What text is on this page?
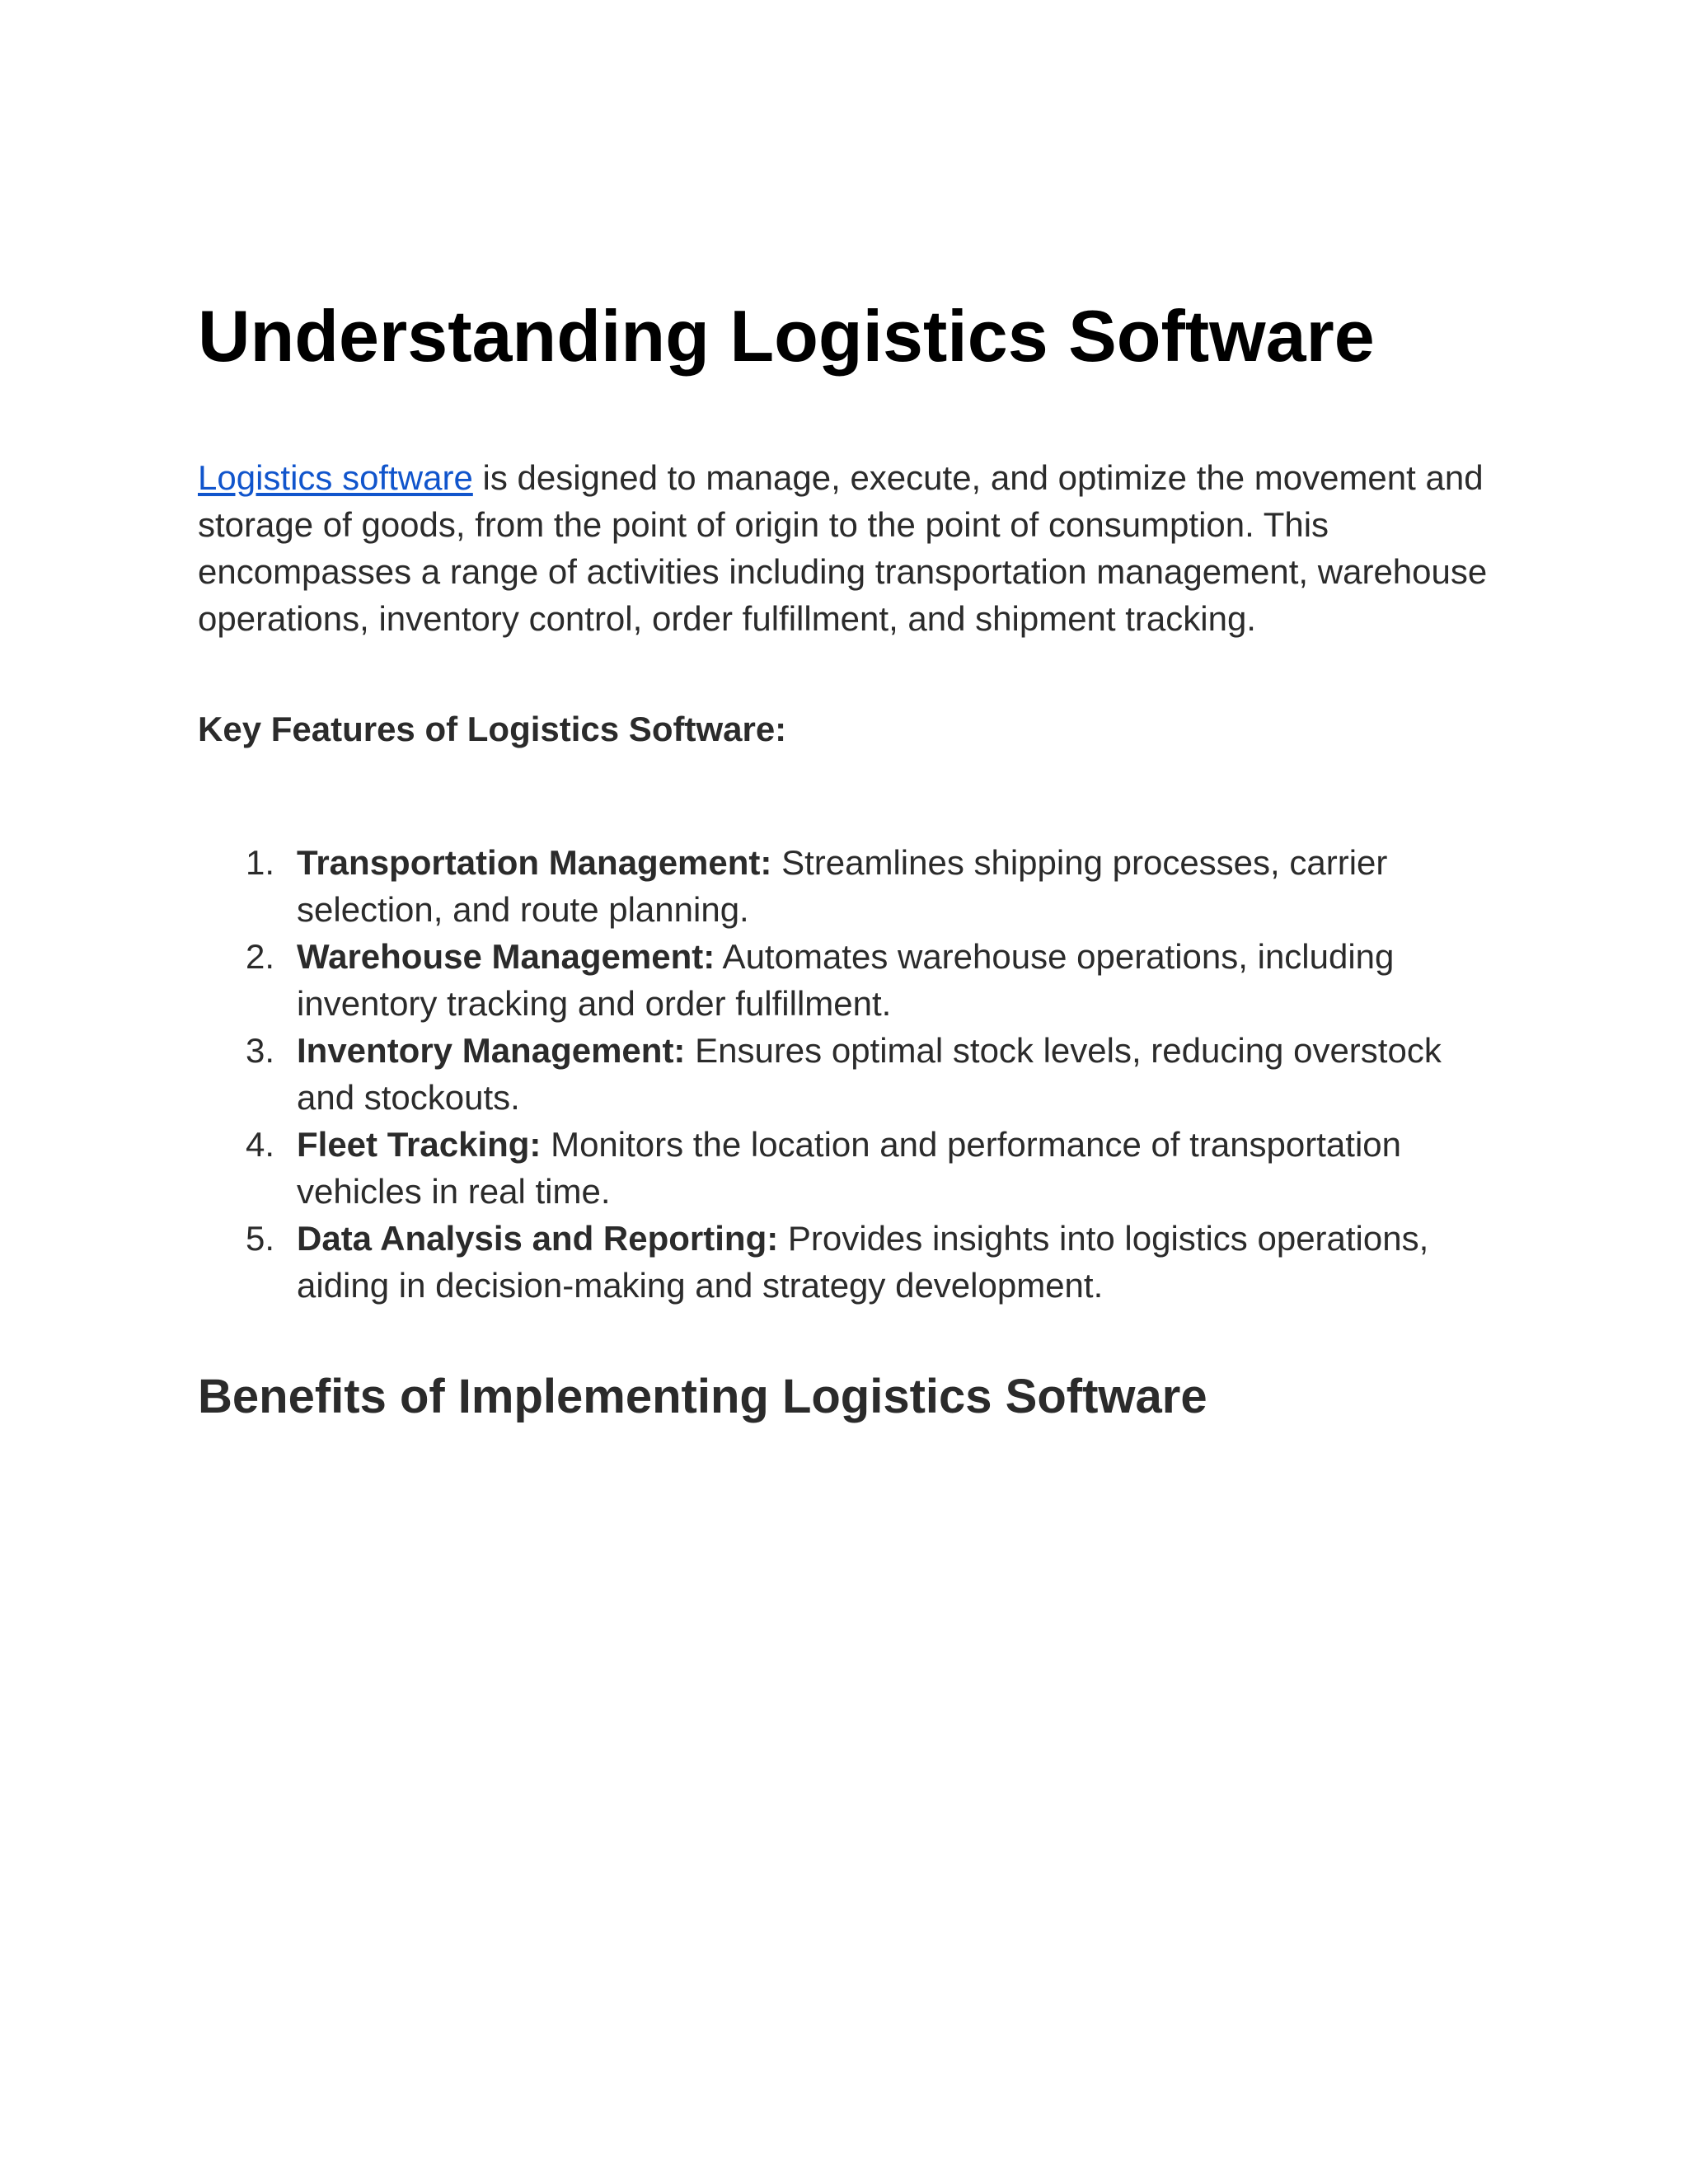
Understanding Logistics Software

Logistics software is designed to manage, execute, and optimize the movement and storage of goods, from the point of origin to the point of consumption. This encompasses a range of activities including transportation management, warehouse operations, inventory control, order fulfillment, and shipment tracking.

Key Features of Logistics Software:
1. Transportation Management: Streamlines shipping processes, carrier selection, and route planning.
2. Warehouse Management: Automates warehouse operations, including inventory tracking and order fulfillment.
3. Inventory Management: Ensures optimal stock levels, reducing overstock and stockouts.
4. Fleet Tracking: Monitors the location and performance of transportation vehicles in real time.
5. Data Analysis and Reporting: Provides insights into logistics operations, aiding in decision-making and strategy development.
Benefits of Implementing Logistics Software
